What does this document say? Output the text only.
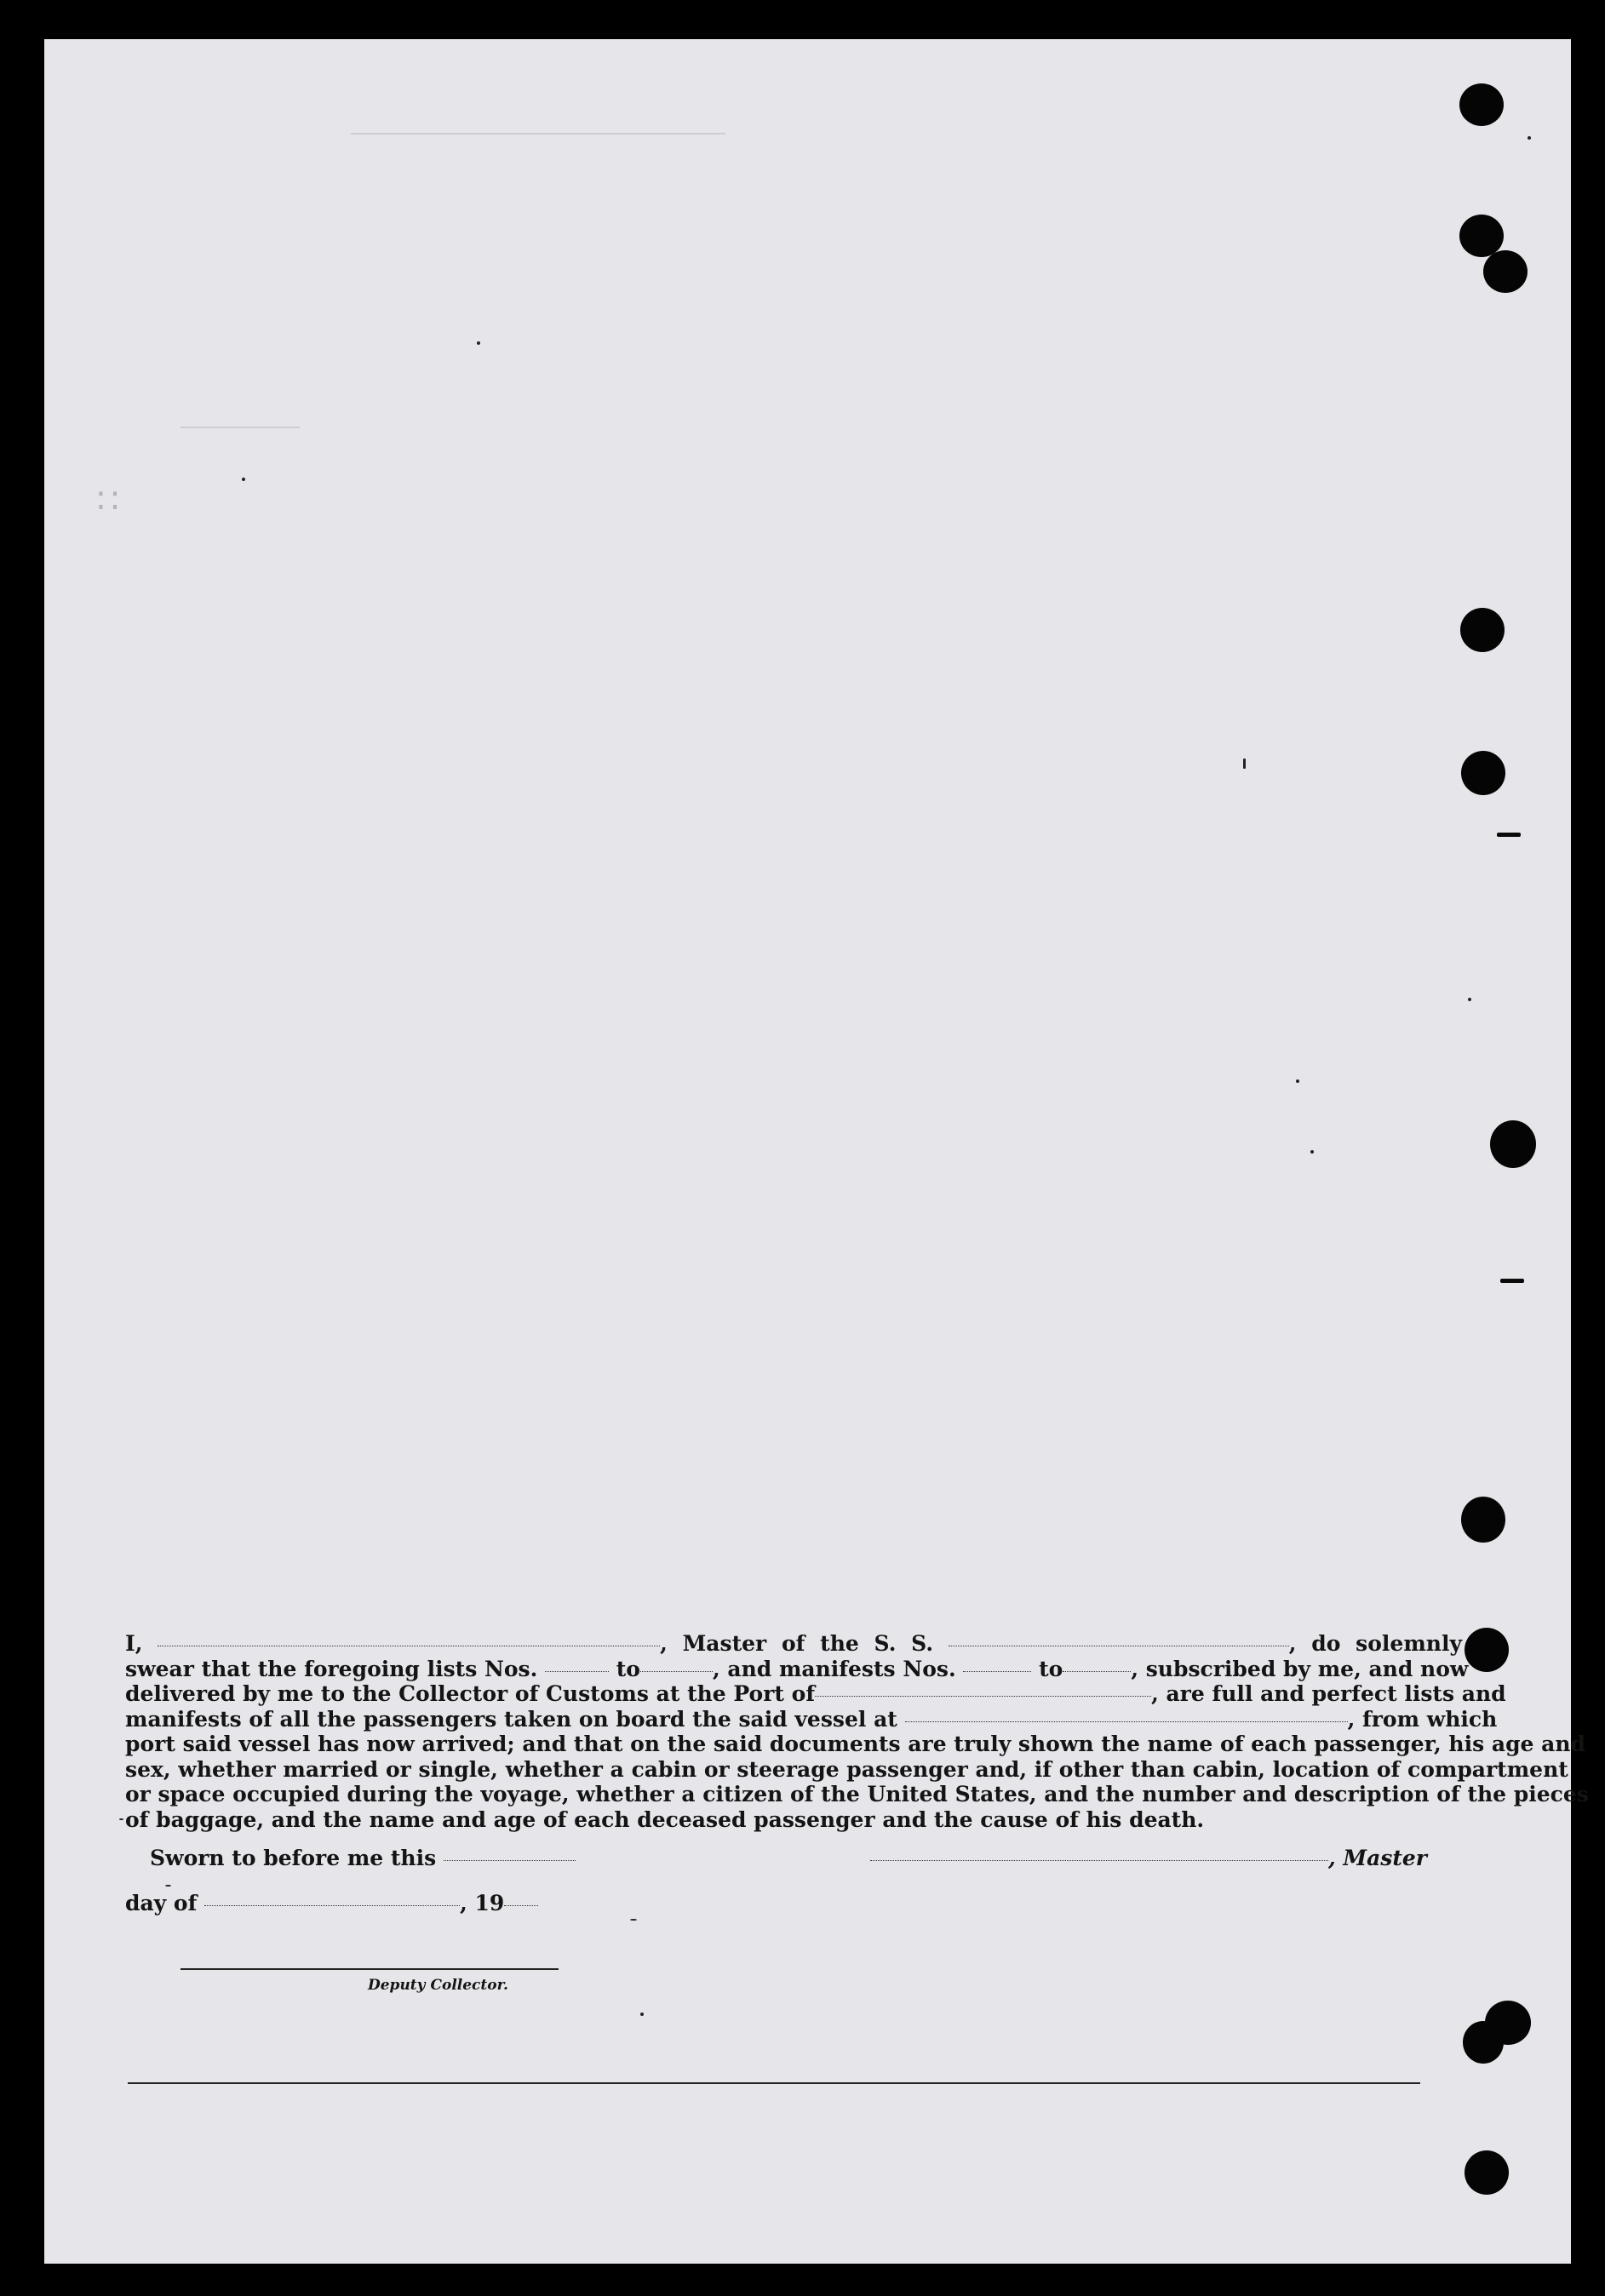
∷
I,	, Master of the S. S.	, do solemnly
swear that the foregoing lists Nos.	to	, and manifests Nos.	to	, subscribed by me, and now
delivered by me to the Collector of Customs at the Port of	, are full and perfect lists and
manifests of all the passengers taken on board the said vessel at	, from which
port said vessel has now arrived; and that on the said documents are truly shown the name of each passenger, his age and
sex, whether married or single, whether a cabin or steerage passenger and, if other than cabin, location of compartment
or space occupied during the voyage, whether a citizen of the United States, and the number and description of the pieces
of baggage, and the name and age of each deceased passenger and the cause of his death.
Sworn to before me this	, Master
day of	, 19
Deputy Collector.
